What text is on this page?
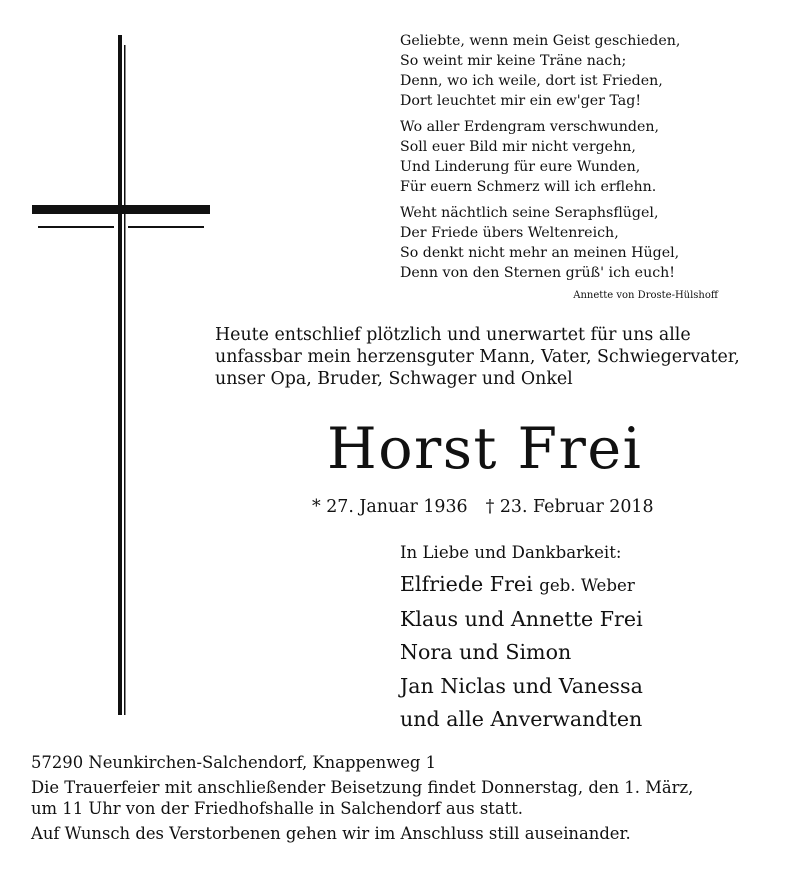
Geliebte, wenn mein Geist geschieden,
So weint mir keine Träne nach;
Denn, wo ich weile, dort ist Frieden,
Dort leuchtet mir ein ew'ger Tag!
Wo aller Erdengram verschwunden,
Soll euer Bild mir nicht vergehn,
Und Linderung für eure Wunden,
Für euern Schmerz will ich erflehn.
Weht nächtlich seine Seraphsflügel,
Der Friede übers Weltenreich,
So denkt nicht mehr an meinen Hügel,
Denn von den Sternen grüß' ich euch!
Annette von Droste-Hülshoff
Heute entschlief plötzlich und unerwartet für uns alle
unfassbar mein herzensguter Mann, Vater, Schwiegervater,
unser Opa, Bruder, Schwager und Onkel
Horst Frei
* 27. Januar 1936 † 23. Februar 2018
In Liebe und Dankbarkeit:
Elfriede Frei geb. Weber
Klaus und Annette Frei
Nora und Simon
Jan Niclas und Vanessa
und alle Anverwandten
57290 Neunkirchen-Salchendorf, Knappenweg 1
Die Trauerfeier mit anschließender Beisetzung findet Donnerstag, den 1. März,
um 11 Uhr von der Friedhofshalle in Salchendorf aus statt.
Auf Wunsch des Verstorbenen gehen wir im Anschluss still auseinander.
